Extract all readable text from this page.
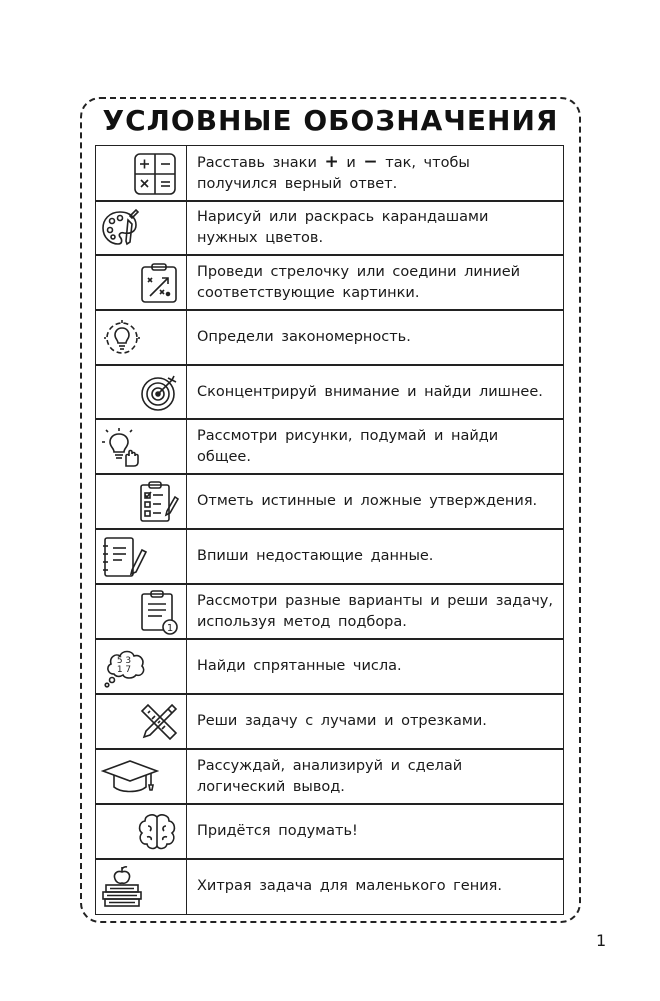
УСЛОВНЫЕ ОБОЗНАЧЕНИЯ
Расставь знаки + и − так, чтобы получился верный ответ.
Нарисуй или раскрась карандашами нужных цветов.
Проведи стрелочку или соедини линией соответствующие картинки.
Определи закономерность.
Сконцентрируй внимание и найди лишнее.
Рассмотри рисунки, подумай и найди общее.
Отметь истинные и ложные утверждения.
Впиши недостающие данные.
1
Рассмотри разные варианты и реши задачу, используя метод подбора.
5 3
1 7	Найди спрятанные числа.
Реши задачу с лучами и отрезками.
Рассуждай, анализируй и сделай логический вывод.
Придётся подумать!
Хитрая задача для маленького гения.
1
